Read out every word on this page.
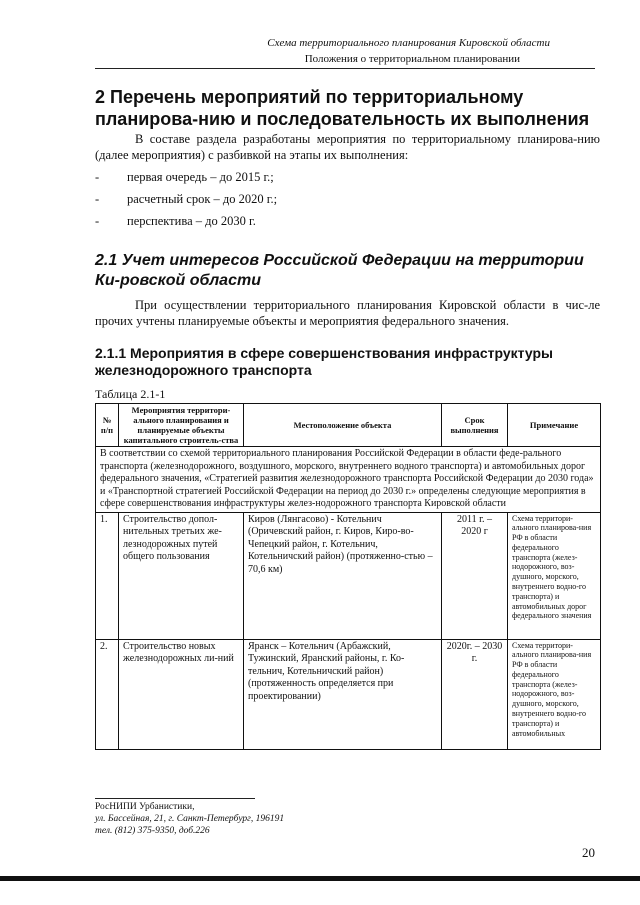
Схема территориального планирования Кировской области
Положения о территориальном планировании
2 Перечень мероприятий по территориальному планирова-нию и последовательность их выполнения
В составе раздела разработаны мероприятия по территориальному планирова-нию (далее мероприятия) с разбивкой на этапы их выполнения:
- первая очередь – до 2015 г.;
- расчетный срок – до 2020 г.;
- перспектива – до 2030 г.
2.1 Учет интересов Российской Федерации на территории Ки-ровской области
При осуществлении территориального планирования Кировской области в чис-ле прочих учтены планируемые объекты и мероприятия федерального значения.
2.1.1 Мероприятия в сфере совершенствования инфраструктуры железнодорожного транспорта
Таблица 2.1-1
№ п/п	Мероприятия территори-ального планирования и планируемые объекты капитального строитель-ства	Местоположение объекта	Срок выполнения	Примечание
В соответствии со схемой территориального планирования Российской Федерации в области феде-рального транспорта (железнодорожного, воздушного, морского, внутреннего водного транспорта) и автомобильных дорог федерального значения, «Стратегией развития железнодорожного транспорта Российской Федерации до 2030 года» и «Транспортной стратегией Российской Федерации на период до 2030 г.» определены следующие мероприятия в сфере совершенствования инфраструктуры желез-нодорожного транспорта Кировской области				
1.	Строительство допол-нительных третьих же-лезнодорожных путей общего пользования	Киров (Лянгасово) - Котельнич (Оричевский район, г. Киров, Киро-во-Чепецкий район, г. Котельнич, Котельничский район) (протяженно-стью – 70,6 км)	2011 г. – 2020 г	Схема территори-ального планирова-ния РФ в области федерального транспорта (желез-нодорожного, воз-душного, морского, внутреннего водно-го транспорта) и автомобильных дорог федерального значения
2.	Строительство новых железнодорожных ли-ний	Яранск – Котельнич (Арбажский, Тужинский, Яранский районы, г. Ко-тельнич, Котельничский район) (протяженность определяется при проектировании)	2020г. – 2030 г.	Схема территори-ального планирова-ния РФ в области федерального транспорта (желез-нодорожного, воз-душного, морского, внутреннего водно-го транспорта) и автомобильных
РосНИПИ Урбанистики,
ул. Бассейная, 21, г. Санкт-Петербург, 196191
тел. (812) 375-9350, доб.226
20
